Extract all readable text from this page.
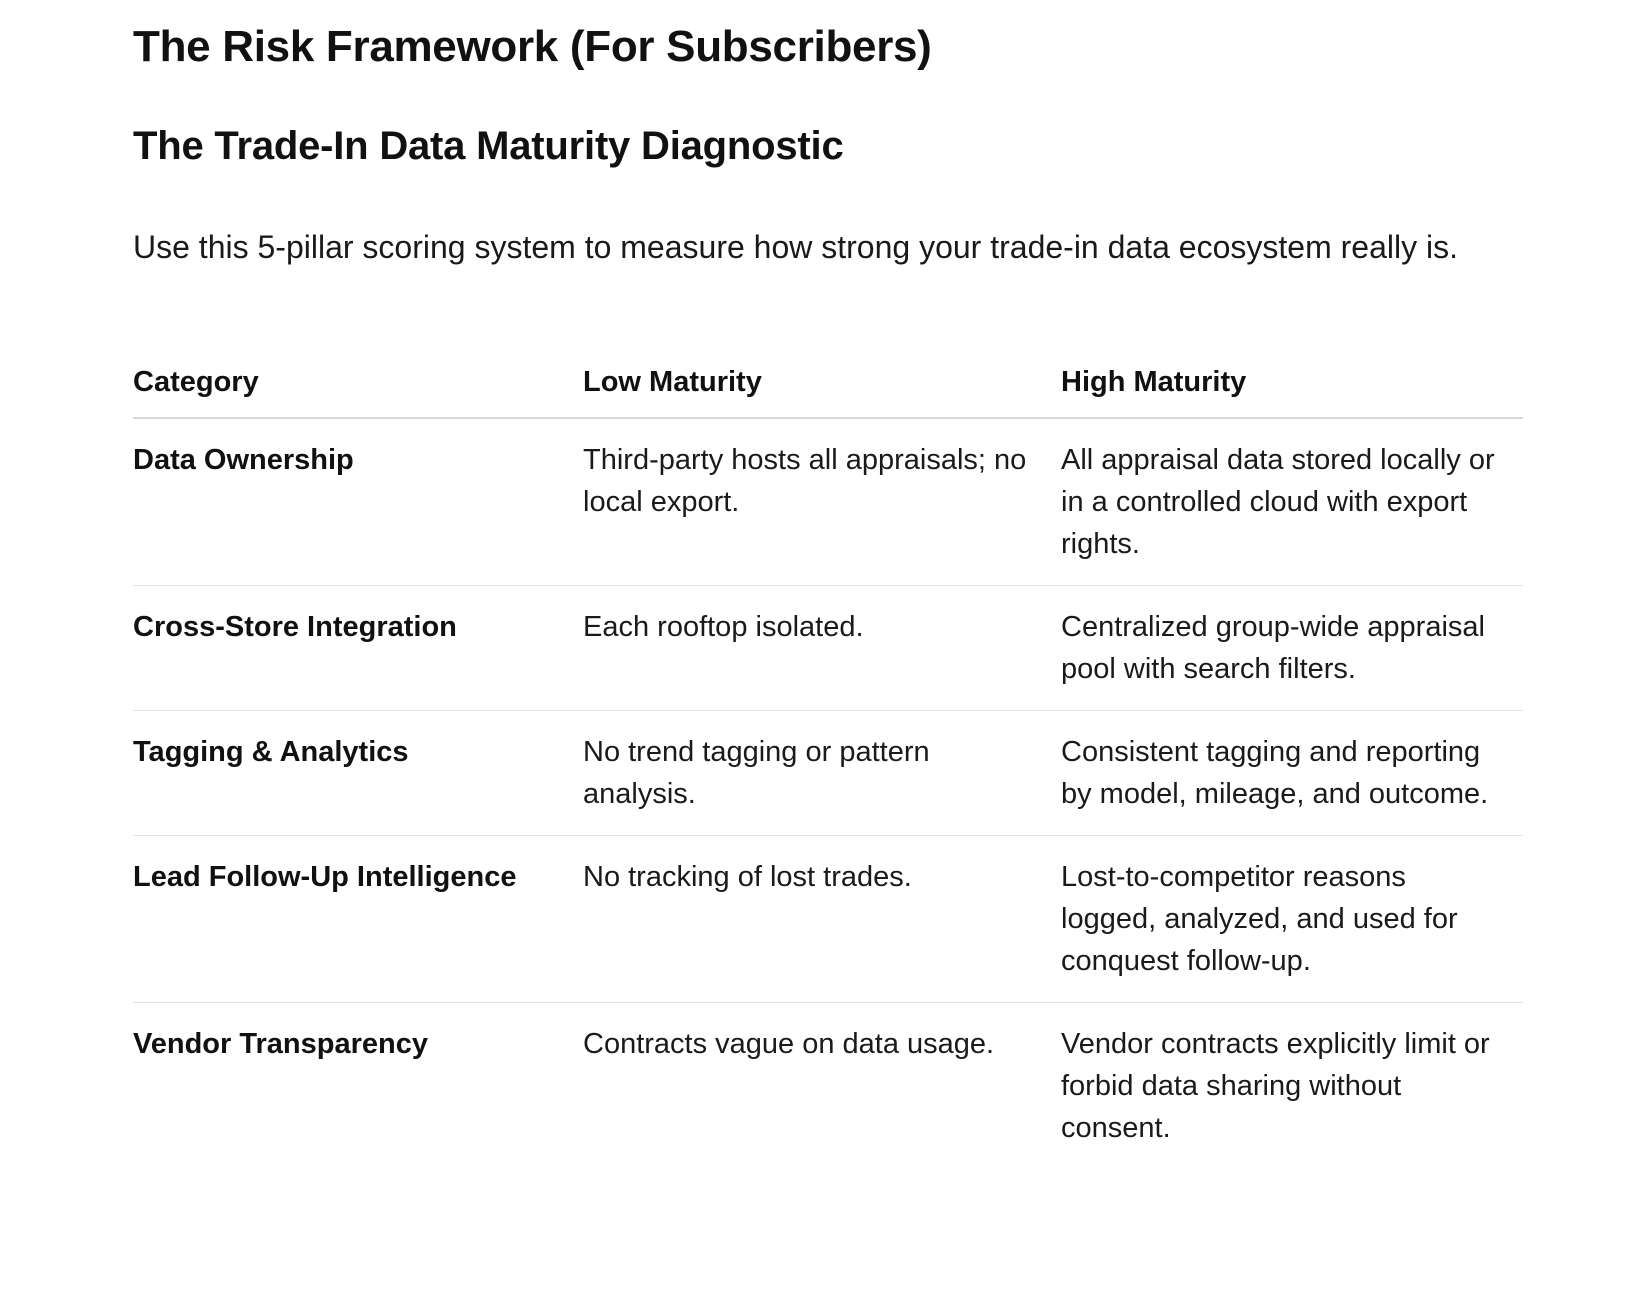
The Risk Framework (For Subscribers)
The Trade-In Data Maturity Diagnostic

Use this 5-pillar scoring system to measure how strong your trade-in data ecosystem really is.

Category	Low Maturity	High Maturity
Data Ownership	Third-party hosts all appraisals; no local export.	All appraisal data stored locally or in a controlled cloud with export rights.
Cross-Store Integration	Each rooftop isolated.	Centralized group-wide appraisal pool with search filters.
Tagging & Analytics	No trend tagging or pattern analysis.	Consistent tagging and reporting by model, mileage, and outcome.
Lead Follow-Up Intelligence	No tracking of lost trades.	Lost-to-competitor reasons logged, analyzed, and used for conquest follow-up.
Vendor Transparency	Contracts vague on data usage.	Vendor contracts explicitly limit or forbid data sharing without consent.
